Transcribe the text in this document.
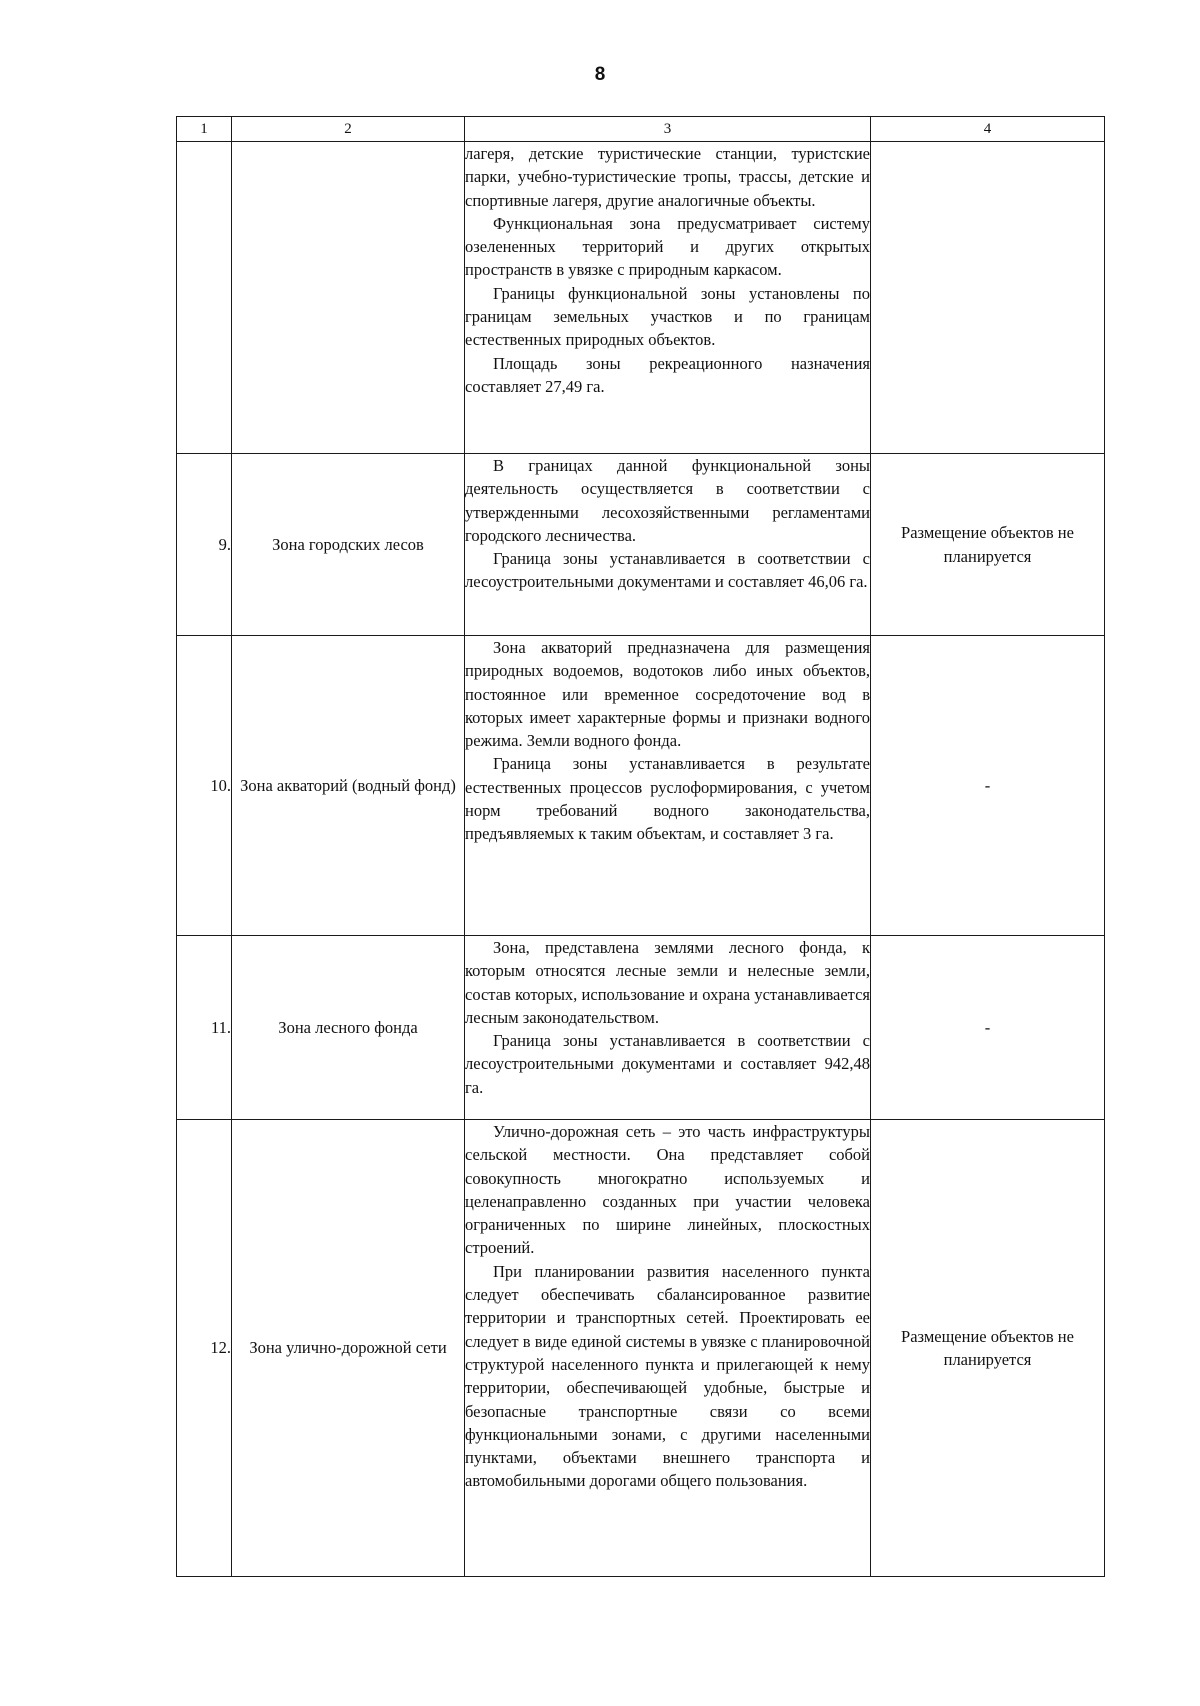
8
1	2	3	4

		лагеря, детские туристические станции, туристские парки, учебно-туристические тропы, трассы, детские и спортивные лагеря, другие аналогичные объекты.

Функциональная зона предусматривает систему озелененных территорий и других открытых пространств в увязке с природным каркасом.

Границы функциональной зоны установлены по границам земельных участков и по границам естественных природных объектов.

Площадь зоны рекреационного назначения составляет 27,49 га.	

9.	Зона городских лесов	В границах данной функциональной зоны деятельность осуществляется в соответствии с утвержденными лесохозяйственными регламентами городского лесничества.

Граница зоны устанавливается в соответствии с лесоустроительными документами и составляет 46,06 га.	Размещение объектов не планируется
10.	Зона акваторий (водный фонд)	Зона акваторий предназначена для размещения природных водоемов, водотоков либо иных объектов, постоянное или временное сосредоточение вод в которых имеет характерные формы и признаки водного режима. Земли водного фонда.

Граница зоны устанавливается в результате естественных процессов руслоформирования, с учетом норм требований водного законодательства, предъявляемых к таким объектам, и составляет 3 га.	-
11.	Зона лесного фонда	Зона, представлена землями лесного фонда, к которым относятся лесные земли и нелесные земли, состав которых, использование и охрана устанавливается лесным законодательством.

Граница зоны устанавливается в соответствии с лесоустроительными документами и составляет 942,48 га.	-
12.	Зона улично-дорожной сети	Улично-дорожная сеть – это часть инфраструктуры сельской местности. Она представляет собой совокупность многократно используемых и целенаправленно созданных при участии человека ограниченных по ширине линейных, плоскостных строений.

При планировании развития населенного пункта следует обеспечивать сбалансированное развитие территории и транспортных сетей. Проектировать ее следует в виде единой системы в увязке с планировочной структурой населенного пункта и прилегающей к нему территории, обеспечивающей удобные, быстрые и безопасные транспортные связи со всеми функциональными зонами, с другими населенными пунктами, объектами внешнего транспорта и автомобильными дорогами общего пользования.	Размещение объектов не планируется
